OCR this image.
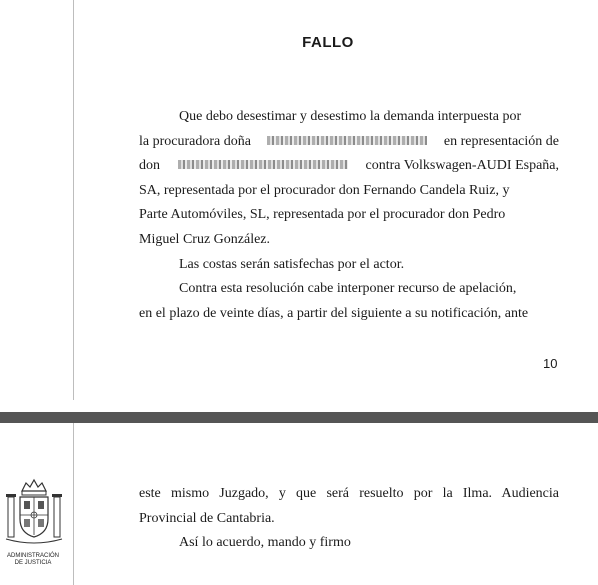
FALLO
Que debo desestimar y desestimo la demanda interpuesta por
la procuradora doña	en representación de
don	contra Volkswagen-AUDI España,
SA, representada por el procurador don Fernando Candela Ruiz, y
Parte Automóviles, SL, representada por el procurador don Pedro
Miguel Cruz González.
Las costas serán satisfechas por el actor.
Contra esta resolución cabe interponer recurso de apelación,
en el plazo de veinte días, a partir del siguiente a su notificación, ante
10
ADMINISTRACIÓN
DE JUSTICIA
este mismo Juzgado, y que será resuelto por la Ilma. Audiencia
Provincial de Cantabria.
Así lo acuerdo, mando y firmo
